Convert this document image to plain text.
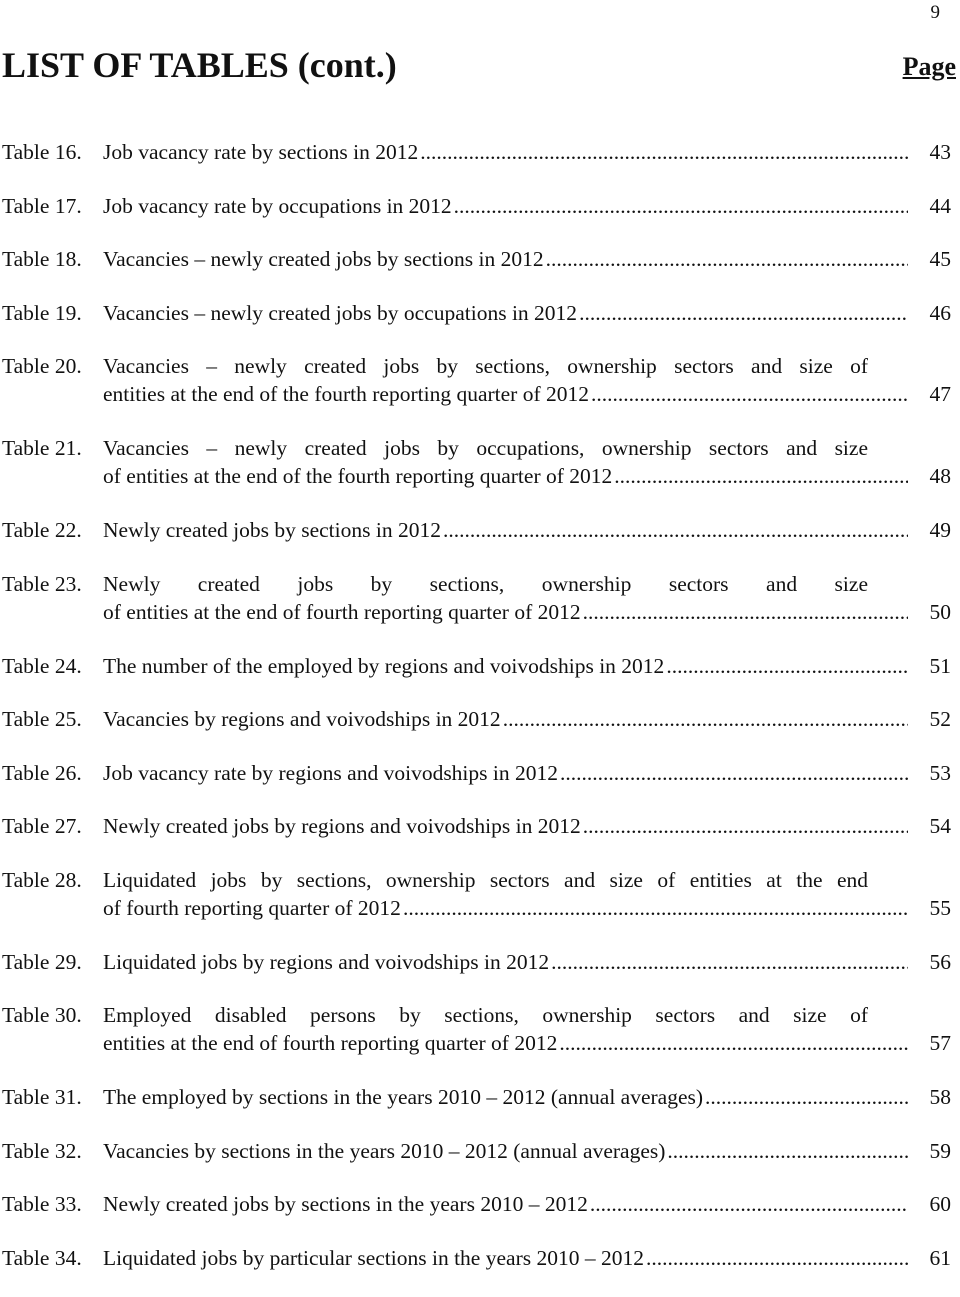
9
LIST OF TABLES (cont.)	Page
Table 16. Job vacancy rate by sections in 2012 .....	43
Table 17. Job vacancy rate by occupations in 2012 .....	44
Table 18. Vacancies – newly created jobs by sections in 2012 .....	45
Table 19. Vacancies – newly created jobs by occupations in 2012 .....	46
Table 20. Vacancies – newly created jobs by sections, ownership sectors and size of
entities at the end of the fourth reporting quarter of 2012 .....	47
Table 21. Vacancies – newly created jobs by occupations, ownership sectors and size
of entities at the end of the fourth reporting quarter of 2012 .....	48
Table 22. Newly created jobs by sections in 2012 .....	49
Table 23. Newly created jobs by sections, ownership sectors and size
of entities at the end of fourth reporting quarter of 2012 .....	50
Table 24. The number of the employed by regions and voivodships in 2012 .....	51
Table 25. Vacancies by regions and voivodships in 2012 .....	52
Table 26. Job vacancy rate by regions and voivodships in 2012 .....	53
Table 27. Newly created jobs by regions and voivodships in 2012 .....	54
Table 28. Liquidated jobs by sections, ownership sectors and size of entities at the end
of fourth reporting quarter of 2012 .....	55
Table 29. Liquidated jobs by regions and voivodships in 2012 .....	56
Table 30. Employed disabled persons by sections, ownership sectors and size of
entities at the end of fourth reporting quarter of 2012 .....	57
Table 31. The employed by sections in the years 2010 – 2012 (annual averages) .....	58
Table 32. Vacancies by sections in the years 2010 – 2012 (annual averages) .....	59
Table 33. Newly created jobs by sections in the years 2010 – 2012 .....	60
Table 34. Liquidated jobs by particular sections in the years 2010 – 2012 .....	61
